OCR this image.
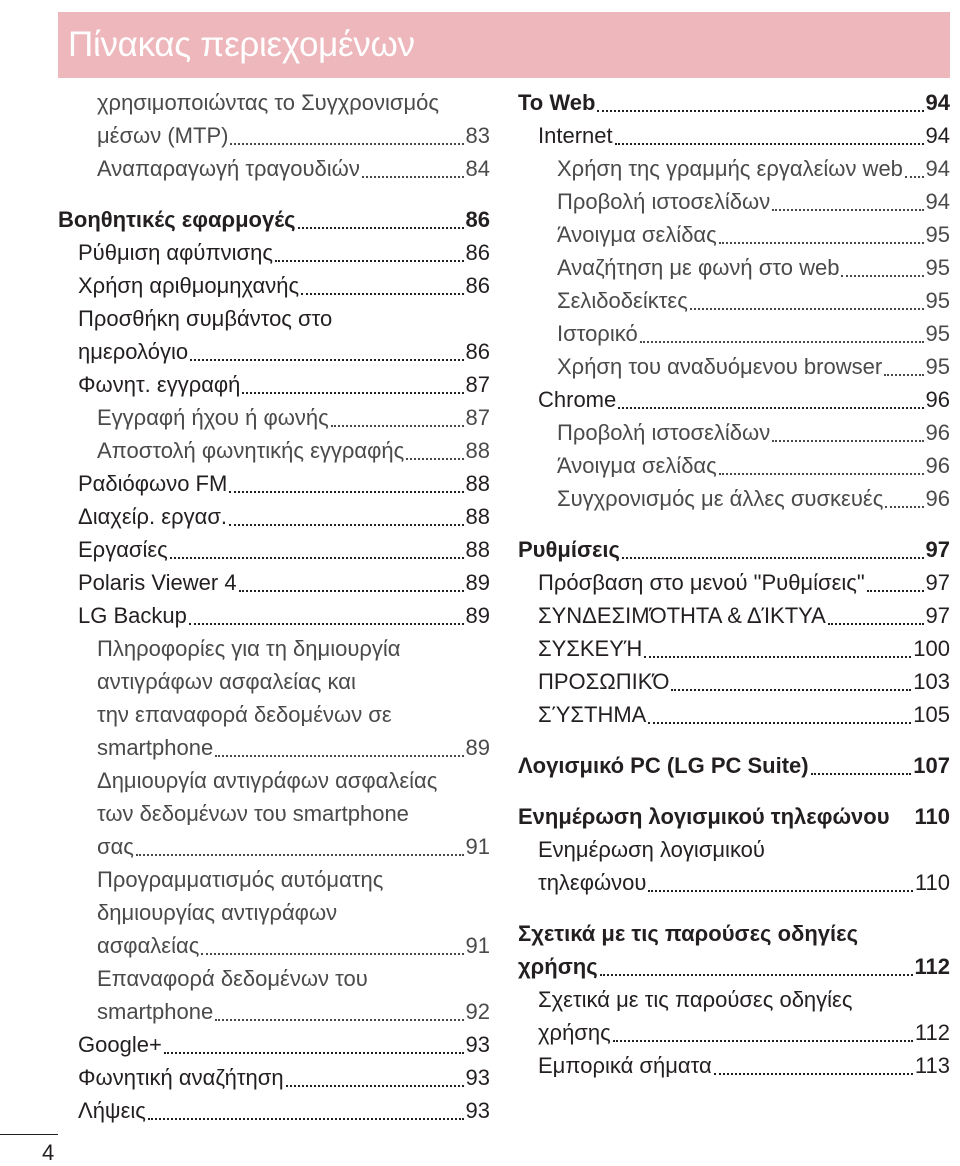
Πίνακας περιεχομένων
χρησιμοποιώντας το Συγχρονισμός
μέσων (MTP)	83
Αναπαραγωγή τραγουδιών	84
Βοηθητικές εφαρμογές	86
Ρύθμιση αφύπνισης	86
Χρήση αριθμομηχανής	86
Προσθήκη συμβάντος στο
ημερολόγιο	86
Φωνητ. εγγραφή	87
Εγγραφή ήχου ή φωνής	87
Αποστολή φωνητικής εγγραφής	88
Ραδιόφωνο FM	88
Διαχείρ. εργασ.	88
Εργασίες	88
Polaris Viewer 4	89
LG Backup	89
Πληροφορίες για τη δημιουργία
αντιγράφων ασφαλείας και
την επαναφορά δεδομένων σε
smartphone	89
Δημιουργία αντιγράφων ασφαλείας
των δεδομένων του smartphone
σας	91
Προγραμματισμός αυτόματης
δημιουργίας αντιγράφων
ασφαλείας	91
Επαναφορά δεδομένων του
smartphone	92
Google+	93
Φωνητική αναζήτηση	93
Λήψεις	93
Το Web	94
Internet	94
Χρήση της γραμμής εργαλείων web 94
Προβολή ιστοσελίδων	94
Άνοιγμα σελίδας	95
Αναζήτηση με φωνή στο web	95
Σελιδοδείκτες	95
Ιστορικό	95
Χρήση του αναδυόμενου browser 95
Chrome	96
Προβολή ιστοσελίδων	96
Άνοιγμα σελίδας	96
Συγχρονισμός με άλλες συσκευές 96
Ρυθμίσεις	97
Πρόσβαση στο μενού "Ρυθμίσεις"	97
ΣΥΝΔΕΣΙΜΌΤΗΤΑ & ΔΊΚΤΥΑ	97
ΣΥΣΚΕΥΉ	100
ΠΡΟΣΩΠΙΚΌ	103
ΣΎΣΤΗΜΑ	105
Λογισμικό PC (LG PC Suite)	107
Ενημέρωση λογισμικού τηλεφώνου 110
Ενημέρωση λογισμικού
τηλεφώνου	110
Σχετικά με τις παρούσες οδηγίες
χρήσης	112
Σχετικά με τις παρούσες οδηγίες
χρήσης	112
Εμπορικά σήματα	113
4
